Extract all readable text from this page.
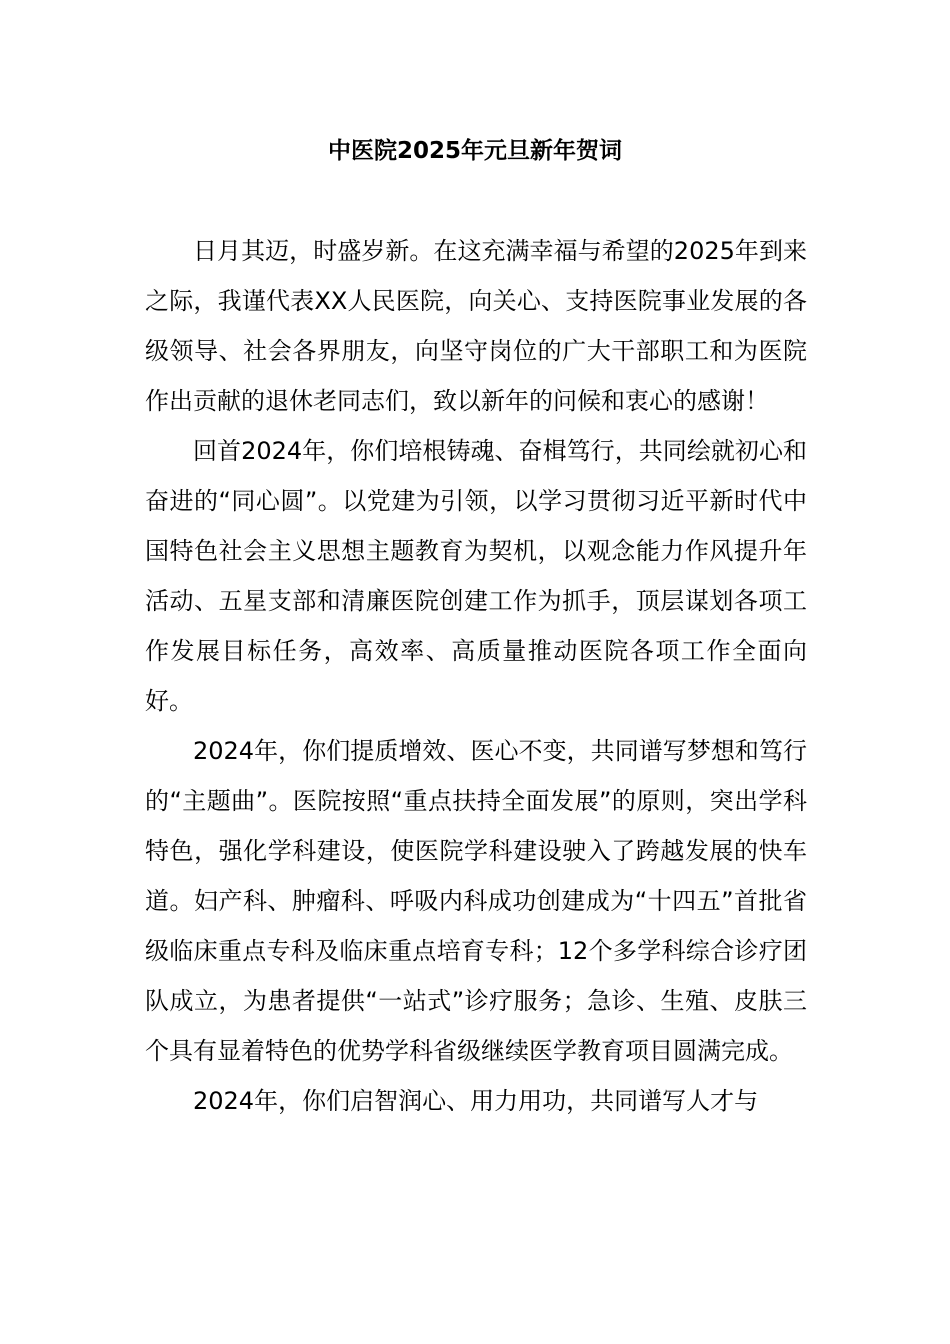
中医院2025年元旦新年贺词

日月其迈，时盛岁新。在这充满幸福与希望的2025年到来之际，我谨代表XX人民医院，向关心、支持医院事业发展的各级领导、社会各界朋友，向坚守岗位的广大干部职工和为医院作出贡献的退休老同志们，致以新年的问候和衷心的感谢！

回首2024年，你们培根铸魂、奋楫笃行，共同绘就初心和奋进的“同心圆”。以党建为引领，以学习贯彻习近平新时代中国特色社会主义思想主题教育为契机，以观念能力作风提升年活动、五星支部和清廉医院创建工作为抓手，顶层谋划各项工作发展目标任务，高效率、高质量推动医院各项工作全面向好。

2024年，你们提质增效、医心不变，共同谱写梦想和笃行的“主题曲”。医院按照“重点扶持全面发展”的原则，突出学科特色，强化学科建设，使医院学科建设驶入了跨越发展的快车道。妇产科、肿瘤科、呼吸内科成功创建成为“十四五”首批省级临床重点专科及临床重点培育专科；12个多学科综合诊疗团队成立，为患者提供“一站式”诊疗服务；急诊、生殖、皮肤三个具有显着特色的优势学科省级继续医学教育项目圆满完成。

2024年，你们启智润心、用力用功，共同谱写人才与
